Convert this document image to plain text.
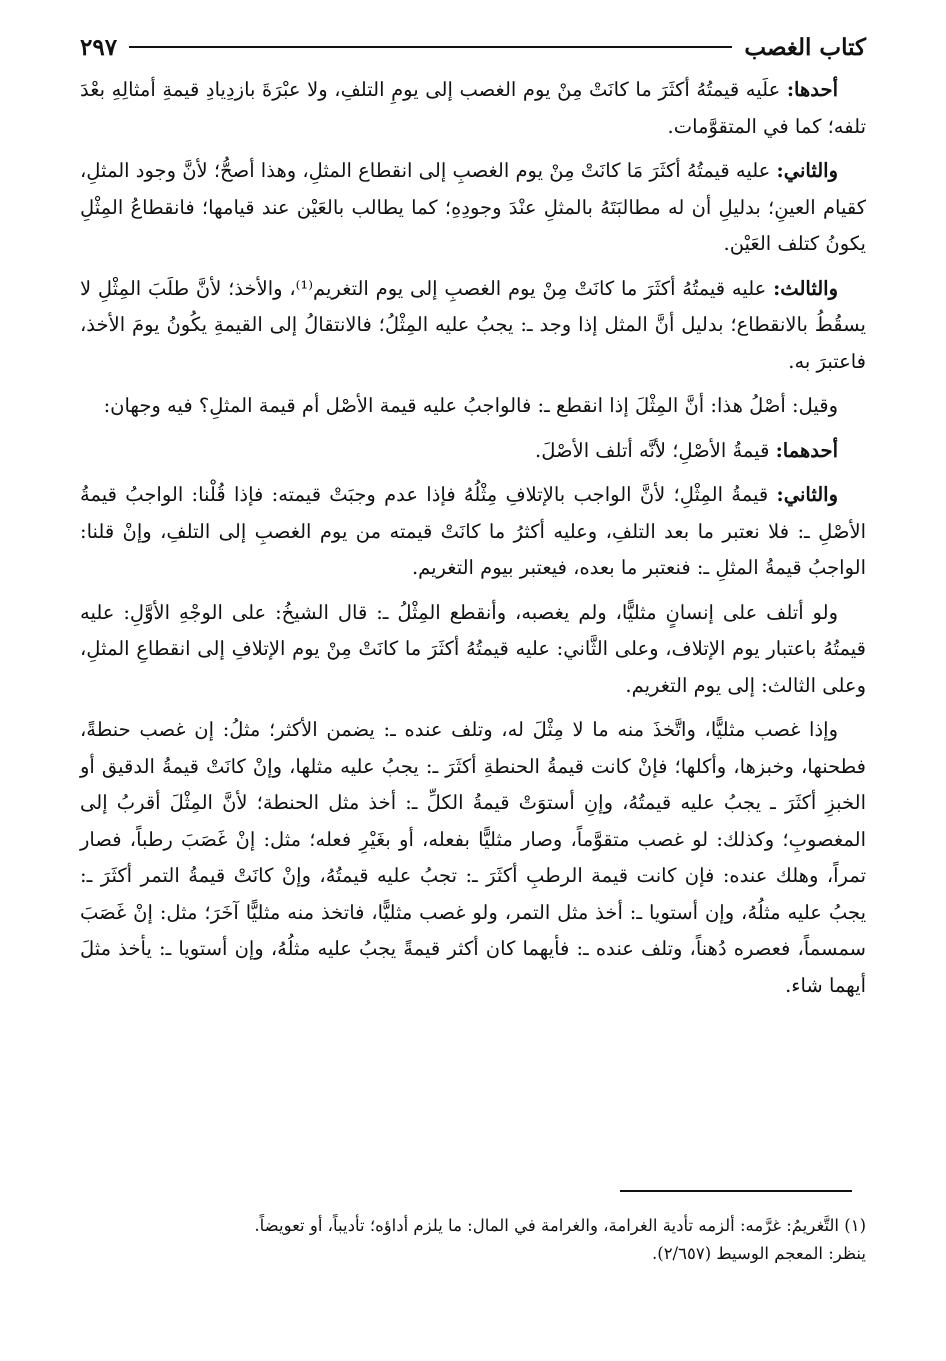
كتاب الغصب
٢٩٧

أحدها: علَيه قيمتُهُ أكثَرَ ما كانَتْ مِنْ يوم الغصب إلى يومِ التلفِ، ولا عبْرَةَ بازدِيادِ قيمةِ أمثالِهِ بعْدَ تلفه؛ كما في المتقوَّمات.

والثاني: عليه قيمتُهُ أكثَرَ مَا كانَتْ مِنْ يوم الغصبِ إلى انقطاع المثلِ، وهذا أصحُّ؛ لأنَّ وجود المثلِ، كقيام العينِ؛ بدليلِ أن له مطالبَتَهُ بالمثلِ عنْدَ وجودِهِ؛ كما يطالب بالعَيْن عند قيامها؛ فانقطاعُ المِثْلِ يكونُ كتلف العَيْن.

والثالث: عليه قيمتُهُ أكثَرَ ما كانَتْ مِنْ يوم الغصبِ إلى يوم التغريم⁽¹⁾، والأخذ؛ لأنَّ طلَبَ المِثْلِ لا يسقُطُ بالانقطاع؛ بدليل أنَّ المثل إذا وجد ـ: يجبُ عليه المِثْلُ؛ فالانتقالُ إلى القيمةِ يكُونُ يومَ الأخذ، فاعتبرَ به.

وقيل: أصْلُ هذا: أنَّ المِثْلَ إذا انقطع ـ: فالواجبُ عليه قيمة الأصْل أم قيمة المثلِ؟ فيه وجهان:

أحدهما: قيمةُ الأصْلِ؛ لأنَّه أتلف الأصْلَ.

والثاني: قيمةُ المِثْلِ؛ لأنَّ الواجب بالإتلافِ مِثْلُهُ فإذا عدم وجبَتْ قيمته: فإذا قُلْنا: الواجبُ قيمةُ الأصْلِ ـ: فلا نعتبر ما بعد التلفِ، وعليه أكثرُ ما كانَتْ قيمته من يوم الغصبِ إلى التلفِ، وإنْ قلنا: الواجبُ قيمةُ المثلِ ـ: فنعتبر ما بعده، فيعتبر بيوم التغريم.

ولو أتلف على إنسانٍ مثليًّا، ولم يغصبه، وأنقطع المِثْلُ ـ: قال الشيخُ: على الوجْهِ الأوَّلِ: عليه قيمتُهُ باعتبار يوم الإتلاف، وعلى الثَّاني: عليه قيمتُهُ أكثَرَ ما كانَتْ مِنْ يوم الإتلافِ إلى انقطاعِ المثلِ، وعلى الثالث: إلى يوم التغريم.

وإذا غصب مثليًّا، واتَّخذَ منه ما لا مِثْلَ له، وتلف عنده ـ: يضمن الأكثر؛ مثلُ: إن غصب حنطةً، فطحنها، وخبزها، وأكلها؛ فإنْ كانت قيمةُ الحنطةِ أكثَرَ ـ: يجبُ عليه مثلها، وإنْ كانَتْ قيمةُ الدقيق أو الخبزِ أكثَرَ ـ يجبُ عليه قيمتُهُ، وإنِ أستوَتْ قيمةُ الكلِّ ـ: أخذ مثل الحنطة؛ لأنَّ المِثْلَ أقربُ إلى المغصوبِ؛ وكذلك: لو غصب متقوَّماً، وصار مثليًّا بفعله، أو بغَيْرِ فعله؛ مثل: إنْ غَصَبَ رطباً، فصار تمراً، وهلك عنده: فإن كانت قيمة الرطبِ أكثَرَ ـ: تجبُ عليه قيمتُهُ، وإنْ كانَتْ قيمةُ التمر أكثَرَ ـ: يجبُ عليه مثلُهُ، وإن أستويا ـ: أخذ مثل التمر، ولو غصب مثليًّا، فاتخذ منه مثليًّا آخَرَ؛ مثل: إنْ غَصَبَ سمسماً، فعصره دُهناً، وتلف عنده ـ: فأيهما كان أكثر قيمةً يجبُ عليه مثلُهُ، وإن أستويا ـ: يأخذ مثلَ أيهما شاء.

(١) التَّغريمُ: غرَّمه: ألزمه تأدية الغرامة، والغرامة في المال: ما يلزم أداؤه؛ تأديباً، أو تعويضاً.

ينظر: المعجم الوسيط (٢/٦٥٧).
